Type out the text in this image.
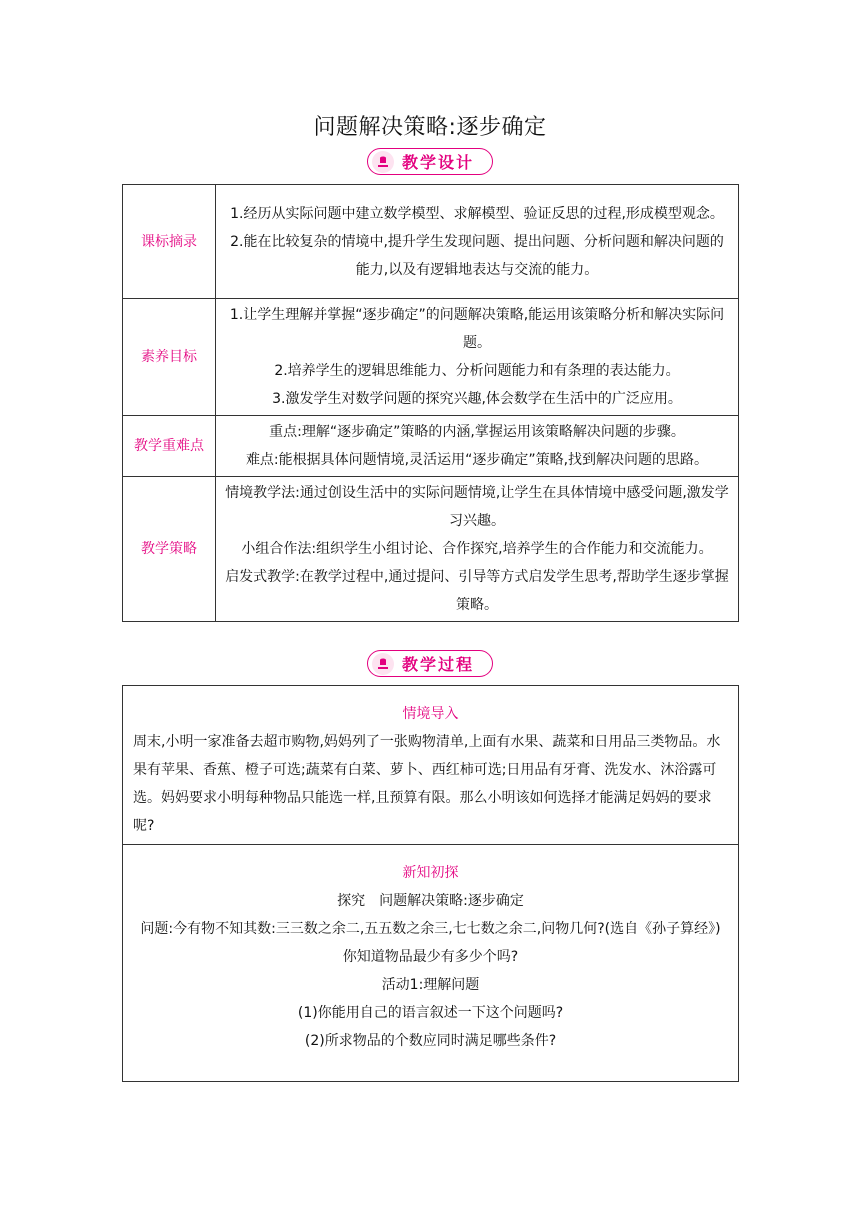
问题解决策略:逐步确定
教学设计
课标摘录	1.经历从实际问题中建立数学模型、求解模型、验证反思的过程,形成模型观念。
2.能在比较复杂的情境中,提升学生发现问题、提出问题、分析问题和解决问题的能力,以及有逻辑地表达与交流的能力。

素养目标	1.让学生理解并掌握“逐步确定”的问题解决策略,能运用该策略分析和解决实际问题。
2.培养学生的逻辑思维能力、分析问题能力和有条理的表达能力。
3.激发学生对数学问题的探究兴趣,体会数学在生活中的广泛应用。

教学重难点	重点:理解“逐步确定”策略的内涵,掌握运用该策略解决问题的步骤。
难点:能根据具体问题情境,灵活运用“逐步确定”策略,找到解决问题的思路。

教学策略	情境教学法:通过创设生活中的实际问题情境,让学生在具体情境中感受问题,激发学习兴趣。
小组合作法:组织学生小组讨论、合作探究,培养学生的合作能力和交流能力。
启发式教学:在教学过程中,通过提问、引导等方式启发学生思考,帮助学生逐步掌握策略。
教学过程
情境导入
周末,小明一家准备去超市购物,妈妈列了一张购物清单,上面有水果、蔬菜和日用品三类物品。水果有苹果、香蕉、橙子可选;蔬菜有白菜、萝卜、西红柿可选;日用品有牙膏、洗发水、沐浴露可选。妈妈要求小明每种物品只能选一样,且预算有限。那么小明该如何选择才能满足妈妈的要求呢?
新知初探
探究　问题解决策略:逐步确定
问题:今有物不知其数:三三数之余二,五五数之余三,七七数之余二,问物几何?(选自《孙子算经》)
你知道物品最少有多少个吗?
活动1:理解问题
(1)你能用自己的语言叙述一下这个问题吗?
(2)所求物品的个数应同时满足哪些条件?
